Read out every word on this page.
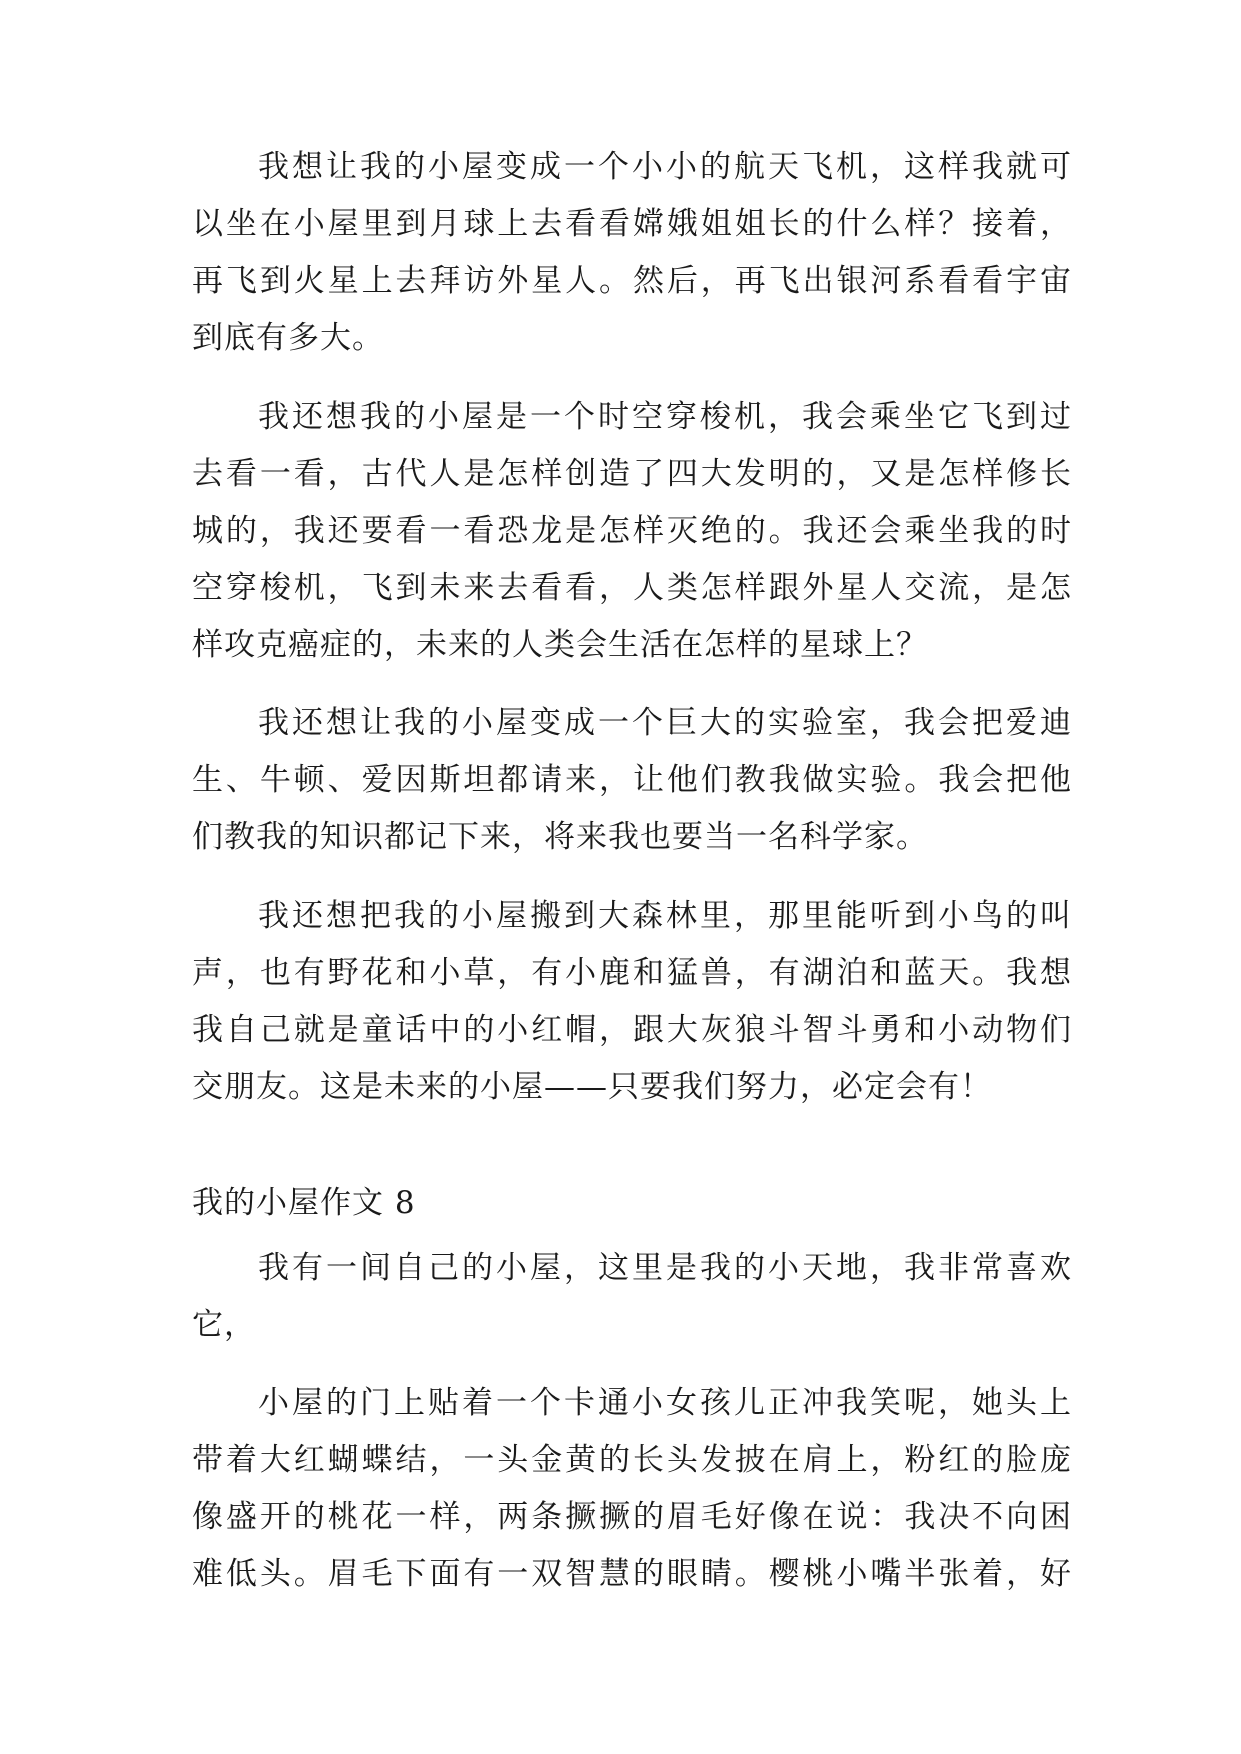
我想让我的小屋变成一个小小的航天飞机，这样我就可
以坐在小屋里到月球上去看看嫦娥姐姐长的什么样？接着，
再飞到火星上去拜访外星人。然后，再飞出银河系看看宇宙
到底有多大。
我还想我的小屋是一个时空穿梭机，我会乘坐它飞到过
去看一看，古代人是怎样创造了四大发明的，又是怎样修长
城的，我还要看一看恐龙是怎样灭绝的。我还会乘坐我的时
空穿梭机，飞到未来去看看，人类怎样跟外星人交流，是怎
样攻克癌症的，未来的人类会生活在怎样的星球上？
我还想让我的小屋变成一个巨大的实验室，我会把爱迪
生、牛顿、爱因斯坦都请来，让他们教我做实验。我会把他
们教我的知识都记下来，将来我也要当一名科学家。
我还想把我的小屋搬到大森林里，那里能听到小鸟的叫
声，也有野花和小草，有小鹿和猛兽，有湖泊和蓝天。我想
我自己就是童话中的小红帽，跟大灰狼斗智斗勇和小动物们
交朋友。这是未来的小屋——只要我们努力，必定会有！
我的小屋作文 8
我有一间自己的小屋，这里是我的小天地，我非常喜欢
它，
小屋的门上贴着一个卡通小女孩儿正冲我笑呢，她头上
带着大红蝴蝶结，一头金黄的长头发披在肩上，粉红的脸庞
像盛开的桃花一样，两条撅撅的眉毛好像在说：我决不向困
难低头。眉毛下面有一双智慧的眼睛。樱桃小嘴半张着，好
